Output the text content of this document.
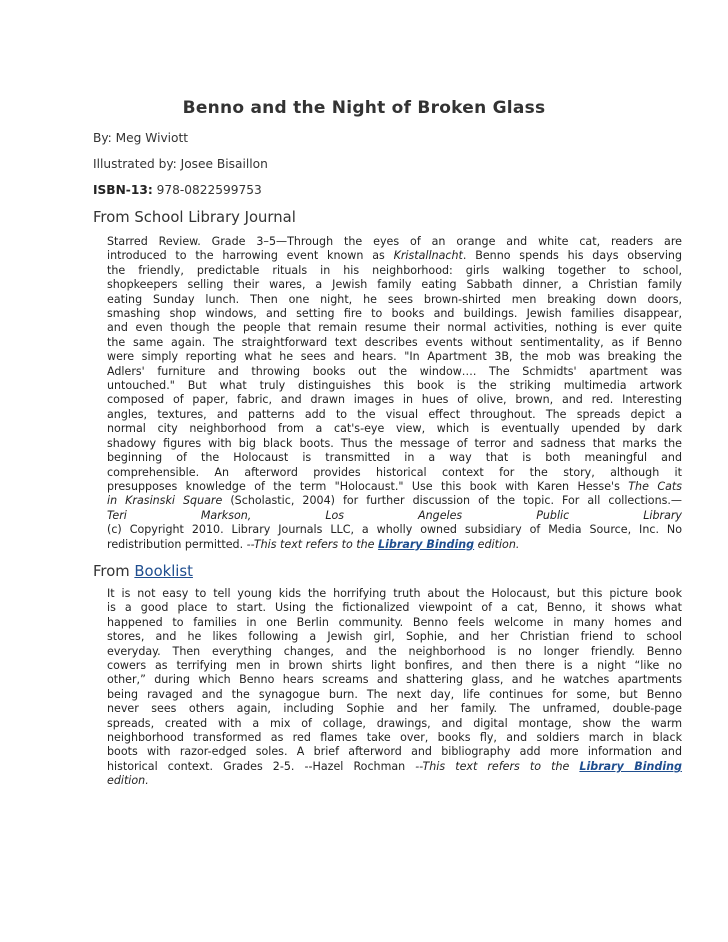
Benno and the Night of Broken Glass

By: Meg Wiviott

Illustrated by: Josee Bisaillon

ISBN-13: 978-0822599753

From School Library Journal
Starred Review. Grade 3–5—Through the eyes of an orange and white cat, readers are
introduced to the harrowing event known as Kristallnacht. Benno spends his days observing
the friendly, predictable rituals in his neighborhood: girls walking together to school,
shopkeepers selling their wares, a Jewish family eating Sabbath dinner, a Christian family
eating Sunday lunch. Then one night, he sees brown-shirted men breaking down doors,
smashing shop windows, and setting fire to books and buildings. Jewish families disappear,
and even though the people that remain resume their normal activities, nothing is ever quite
the same again. The straightforward text describes events without sentimentality, as if Benno
were simply reporting what he sees and hears. "In Apartment 3B, the mob was breaking the
Adlers' furniture and throwing books out the window…. The Schmidts' apartment was
untouched." But what truly distinguishes this book is the striking multimedia artwork
composed of paper, fabric, and drawn images in hues of olive, brown, and red. Interesting
angles, textures, and patterns add to the visual effect throughout. The spreads depict a
normal city neighborhood from a cat's-eye view, which is eventually upended by dark
shadowy figures with big black boots. Thus the message of terror and sadness that marks the
beginning of the Holocaust is transmitted in a way that is both meaningful and
comprehensible. An afterword provides historical context for the story, although it
presupposes knowledge of the term "Holocaust." Use this book with Karen Hesse's The Cats
in Krasinski Square (Scholastic, 2004) for further discussion of the topic. For all collections.—
Teri Markson, Los Angeles Public Library
(c) Copyright 2010. Library Journals LLC, a wholly owned subsidiary of Media Source, Inc. No
redistribution permitted. --This text refers to the Library Binding edition.
From Booklist
It is not easy to tell young kids the horrifying truth about the Holocaust, but this picture book
is a good place to start. Using the fictionalized viewpoint of a cat, Benno, it shows what
happened to families in one Berlin community. Benno feels welcome in many homes and
stores, and he likes following a Jewish girl, Sophie, and her Christian friend to school
everyday. Then everything changes, and the neighborhood is no longer friendly. Benno
cowers as terrifying men in brown shirts light bonfires, and then there is a night “like no
other,” during which Benno hears screams and shattering glass, and he watches apartments
being ravaged and the synagogue burn. The next day, life continues for some, but Benno
never sees others again, including Sophie and her family. The unframed, double-page
spreads, created with a mix of collage, drawings, and digital montage, show the warm
neighborhood transformed as red flames take over, books fly, and soldiers march in black
boots with razor-edged soles. A brief afterword and bibliography add more information and
historical context. Grades 2-5. --Hazel Rochman --This text refers to the Library Binding
edition.
